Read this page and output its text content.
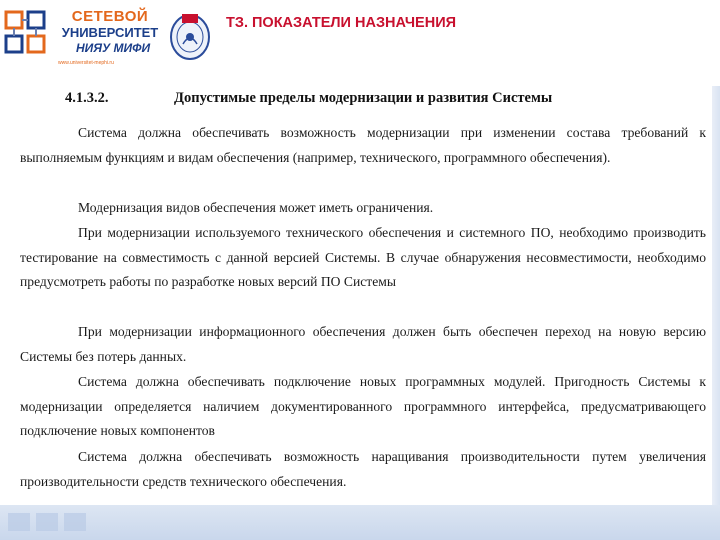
СЕТЕВОЙ
УНИВЕРСИТЕТ
НИЯУ МИФИ
www.universitet-mephi.ru
ТЗ. ПОКАЗАТЕЛИ НАЗНАЧЕНИЯ
4.1.3.2.	Допустимые пределы модернизации и развития Системы
Система должна обеспечивать возможность модернизации при изменении состава требований к выполняемым функциям и видам обеспечения (например, технического, программного обеспечения).
Модернизация видов обеспечения может иметь ограничения.
При модернизации используемого технического обеспечения и системного ПО, необходимо производить тестирование на совместимость с данной версией Системы. В случае обнаружения несовместимости, необходимо предусмотреть работы по разработке новых версий ПО Системы
При модернизации информационного обеспечения должен быть обеспечен переход на новую версию Системы без потерь данных.
Система должна обеспечивать подключение новых программных модулей. Пригодность Системы к модернизации определяется наличием документированного программного интерфейса, предусматривающего подключение новых компонентов
Система должна обеспечивать возможность наращивания производительности путем увеличения производительности средств технического обеспечения.
